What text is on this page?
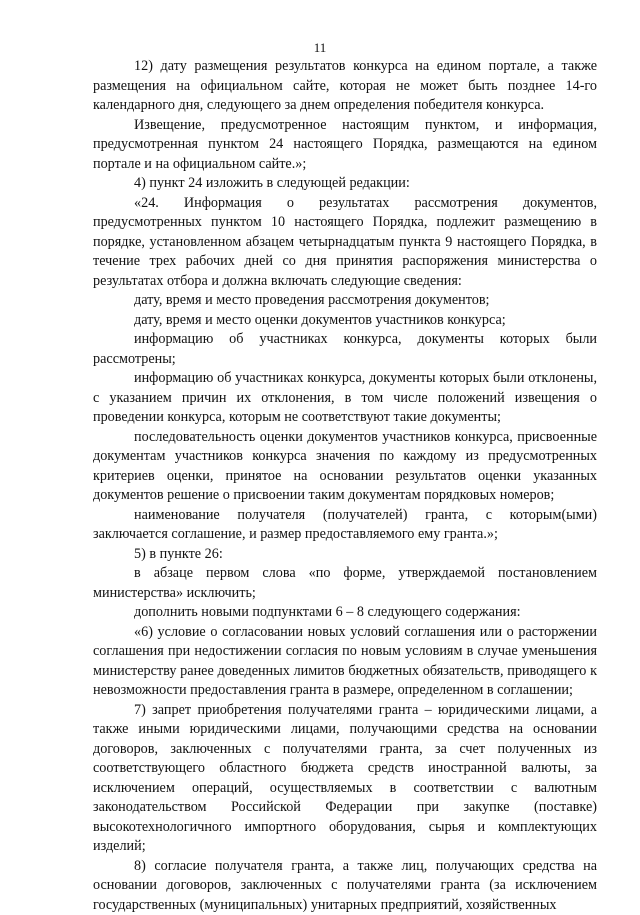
11

12) дату размещения результатов конкурса на едином портале, а также размещения на официальном сайте, которая не может быть позднее 14-го календарного дня, следующего за днем определения победителя конкурса.

Извещение, предусмотренное настоящим пунктом, и информация, предусмотренная пунктом 24 настоящего Порядка, размещаются на едином портале и на официальном сайте.»;

4) пункт 24 изложить в следующей редакции:

«24. Информация о результатах рассмотрения документов, предусмотренных пунктом 10 настоящего Порядка, подлежит размещению в порядке, установленном абзацем четырнадцатым пункта 9 настоящего Порядка, в течение трех рабочих дней со дня принятия распоряжения министерства о результатах отбора и должна включать следующие сведения:

дату, время и место проведения рассмотрения документов;

дату, время и место оценки документов участников конкурса;

информацию об участниках конкурса, документы которых были рассмотрены;

информацию об участниках конкурса, документы которых были отклонены, с указанием причин их отклонения, в том числе положений извещения о проведении конкурса, которым не соответствуют такие документы;

последовательность оценки документов участников конкурса, присвоенные документам участников конкурса значения по каждому из предусмотренных критериев оценки, принятое на основании результатов оценки указанных документов решение о присвоении таким документам порядковых номеров;

наименование получателя (получателей) гранта, с которым(ыми) заключается соглашение, и размер предоставляемого ему гранта.»;

5) в пункте 26:

в абзаце первом слова «по форме, утверждаемой постановлением министерства» исключить;

дополнить новыми подпунктами 6 – 8 следующего содержания:

«6) условие о согласовании новых условий соглашения или о расторжении соглашения при недостижении согласия по новым условиям в случае уменьшения министерству ранее доведенных лимитов бюджетных обязательств, приводящего к невозможности предоставления гранта в размере, определенном в соглашении;

7) запрет приобретения получателями гранта – юридическими лицами, а также иными юридическими лицами, получающими средства на основании договоров, заключенных с получателями гранта, за счет полученных из соответствующего областного бюджета средств иностранной валюты, за исключением операций, осуществляемых в соответствии с валютным законодательством Российской Федерации при закупке (поставке) высокотехнологичного импортного оборудования, сырья и комплектующих изделий;

8) согласие получателя гранта, а также лиц, получающих средства на основании договоров, заключенных с получателями гранта (за исключением государственных (муниципальных) унитарных предприятий, хозяйственных
